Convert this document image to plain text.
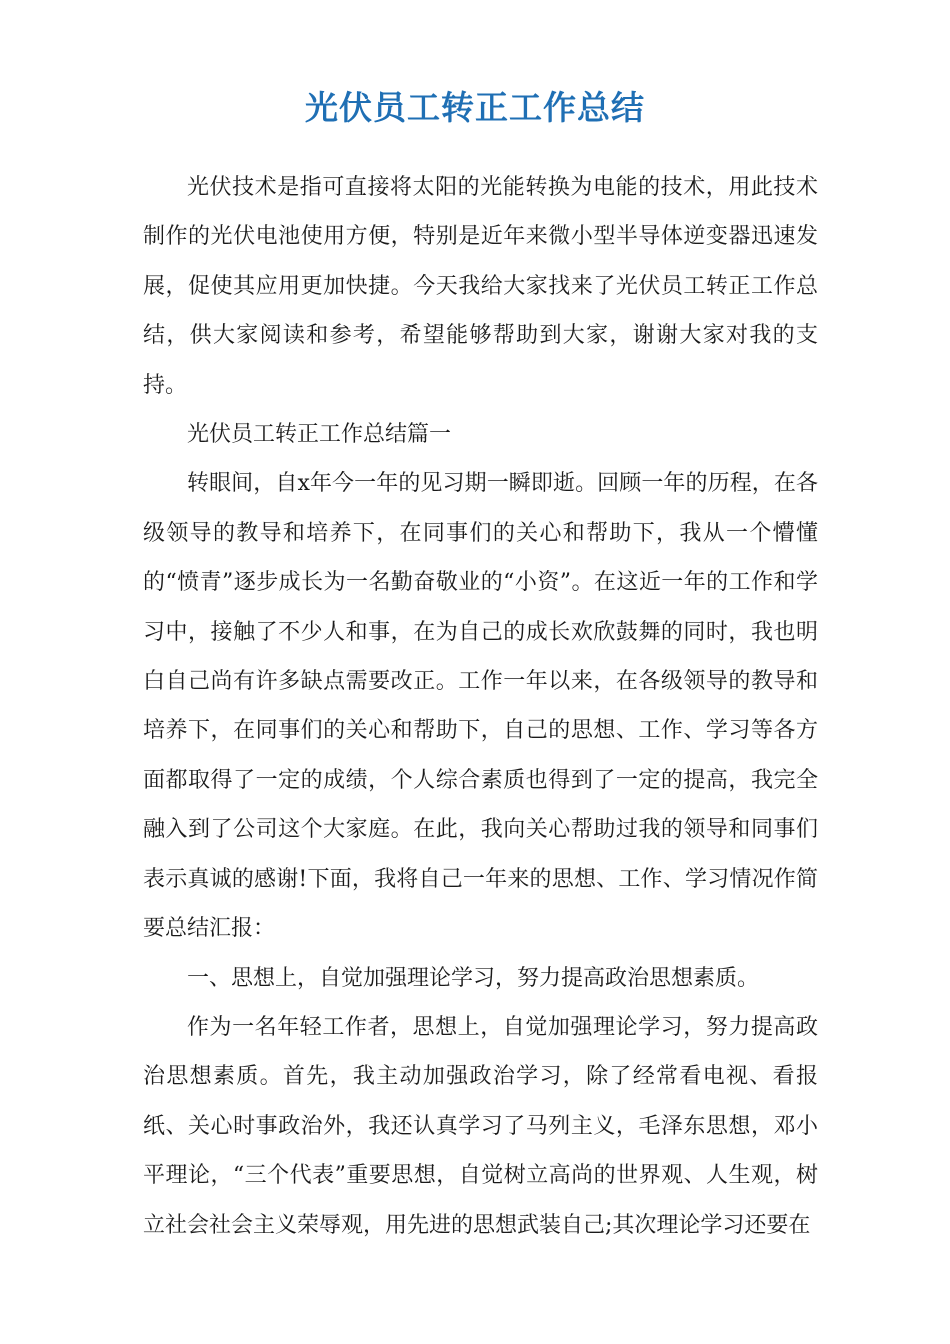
光伏员工转正工作总结

光伏技术是指可直接将太阳的光能转换为电能的技术，用此技术制作的光伏电池使用方便，特别是近年来微小型半导体逆变器迅速发展，促使其应用更加快捷。今天我给大家找来了光伏员工转正工作总结，供大家阅读和参考，希望能够帮助到大家，谢谢大家对我的支持。

光伏员工转正工作总结篇一

转眼间，自x年今一年的见习期一瞬即逝。回顾一年的历程，在各级领导的教导和培养下，在同事们的关心和帮助下，我从一个懵懂的“愤青”逐步成长为一名勤奋敬业的“小资”。在这近一年的工作和学习中，接触了不少人和事，在为自己的成长欢欣鼓舞的同时，我也明白自己尚有许多缺点需要改正。工作一年以来，在各级领导的教导和培养下，在同事们的关心和帮助下，自己的思想、工作、学习等各方面都取得了一定的成绩，个人综合素质也得到了一定的提高，我完全融入到了公司这个大家庭。在此，我向关心帮助过我的领导和同事们表示真诚的感谢!下面，我将自己一年来的思想、工作、学习情况作简要总结汇报：

一、思想上，自觉加强理论学习，努力提高政治思想素质。

作为一名年轻工作者，思想上，自觉加强理论学习，努力提高政治思想素质。首先，我主动加强政治学习，除了经常看电视、看报纸、关心时事政治外，我还认真学习了马列主义，毛泽东思想，邓小平理论，“三个代表”重要思想，自觉树立高尚的世界观、人生观，树立社会社会主义荣辱观，用先进的思想武装自己;其次理论学习还要在
